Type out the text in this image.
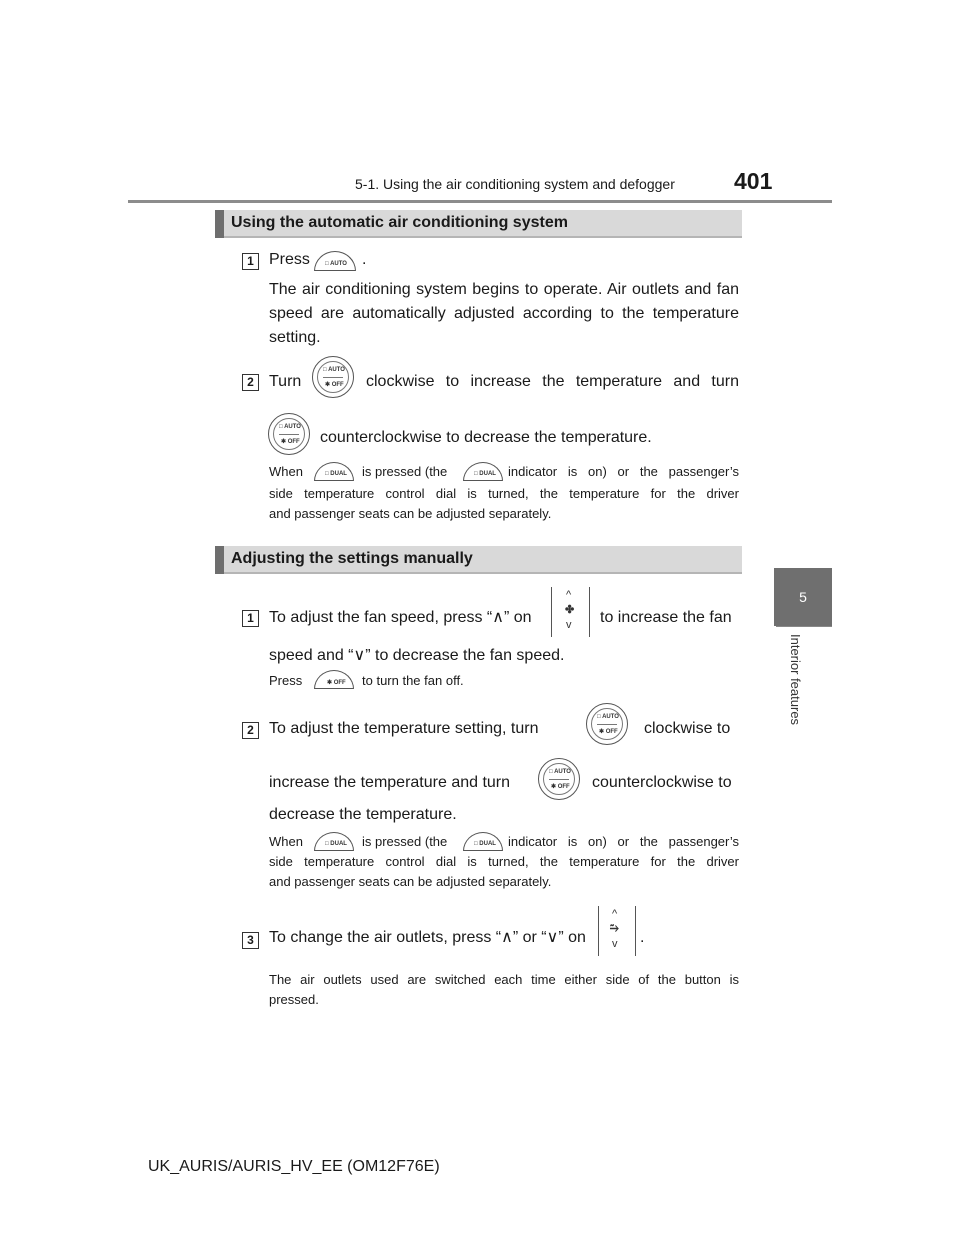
5-1. Using the air conditioning system and defogger	401
5
Interior features
Using the automatic air conditioning system
1 Press	□ AUTO .
The air conditioning system begins to operate. Air outlets and fan
speed are automatically adjusted according to the temperature
setting.
2 Turn
□ AUTO
✱ OFF clockwise to increase the temperature and turn
□ AUTO
✱ OFF counterclockwise to decrease the temperature.
When	□ DUAL is pressed (the	□ DUAL indicator is on) or the passenger’s
side temperature control dial is turned, the temperature for the driver
and passenger seats can be adjusted separately.
Adjusting the settings manually
1 To adjust the fan speed, press “∧” on
^
✤
v to increase the fan
speed and “∨” to decrease the fan speed.
Press	✱ OFF to turn the fan off.
2 To adjust the temperature setting, turn
□ AUTO
✱ OFF clockwise to
increase the temperature and turn
□ AUTO
✱ OFF counterclockwise to
decrease the temperature.
When	□ DUAL is pressed (the	□ DUAL indicator is on) or the passenger’s
side temperature control dial is turned, the temperature for the driver
and passenger seats can be adjusted separately.
3 To change the air outlets, press “∧” or “∨” on
^
⥲
v .
The air outlets used are switched each time either side of the button is
pressed.
UK_AURIS/AURIS_HV_EE (OM12F76E)
